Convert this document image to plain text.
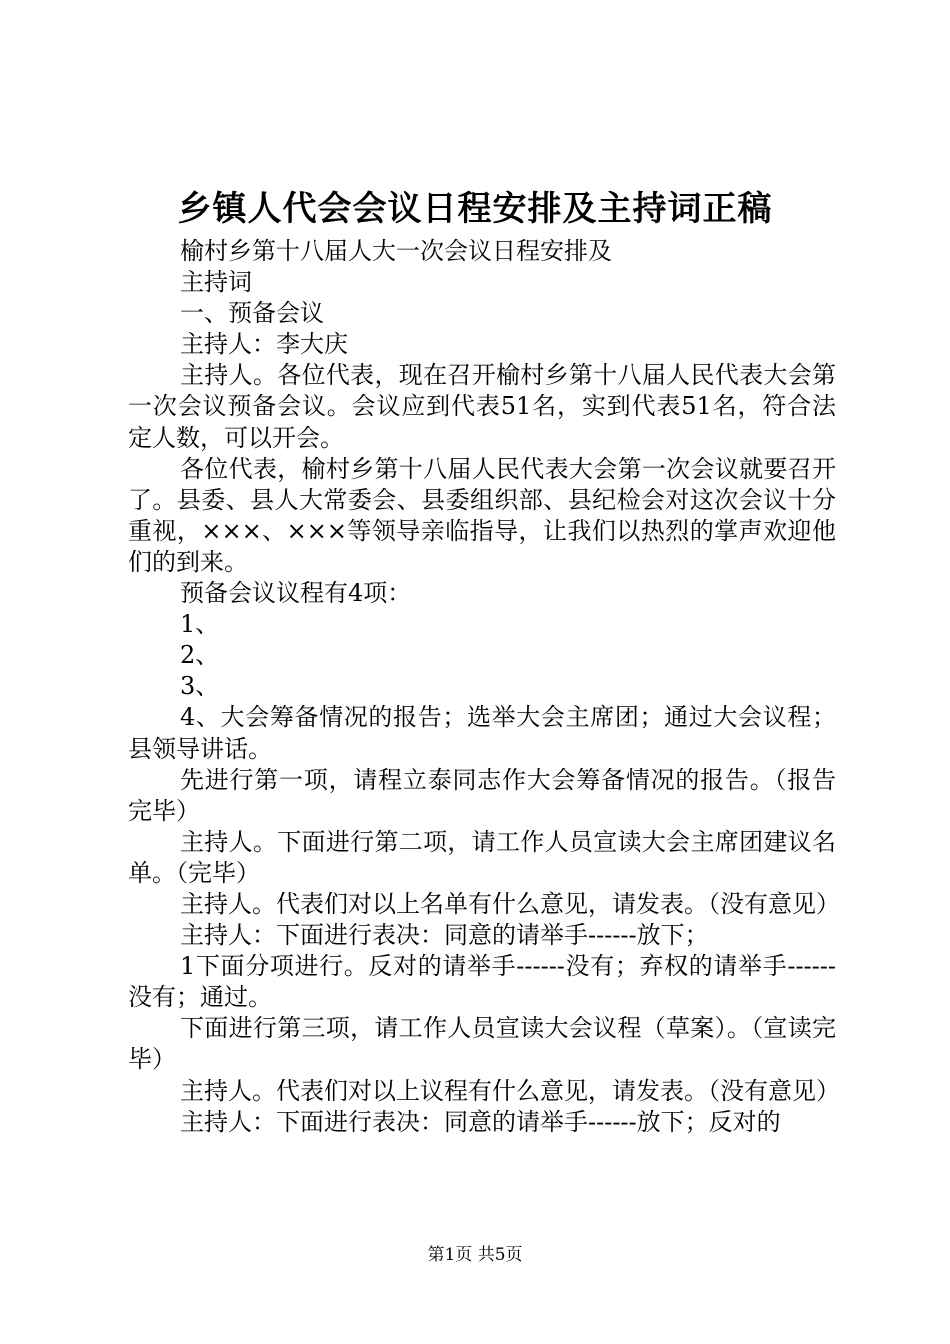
乡镇人代会会议日程安排及主持词正稿

榆村乡第十八届人大一次会议日程安排及

主持词

一、预备会议

主持人：李大庆

主持人。各位代表，现在召开榆村乡第十八届人民代表大会第一次会议预备会议。会议应到代表51名，实到代表51名，符合法定人数，可以开会。

各位代表，榆村乡第十八届人民代表大会第一次会议就要召开了。县委、县人大常委会、县委组织部、县纪检会对这次会议十分重视，×××、×××等领导亲临指导，让我们以热烈的掌声欢迎他们的到来。

预备会议议程有4项：

1、

2、

3、

4、大会筹备情况的报告；选举大会主席团；通过大会议程；县领导讲话。

先进行第一项，请程立泰同志作大会筹备情况的报告。（报告完毕）

主持人。下面进行第二项，请工作人员宣读大会主席团建议名单。（完毕）

主持人。代表们对以上名单有什么意见，请发表。（没有意见）

主持人：下面进行表决：同意的请举手------放下；

1下面分项进行。反对的请举手------没有；弃权的请举手------没有；通过。

下面进行第三项，请工作人员宣读大会议程（草案）。（宣读完毕）

主持人。代表们对以上议程有什么意见，请发表。（没有意见）

主持人：下面进行表决：同意的请举手------放下；反对的

第1页 共5页
